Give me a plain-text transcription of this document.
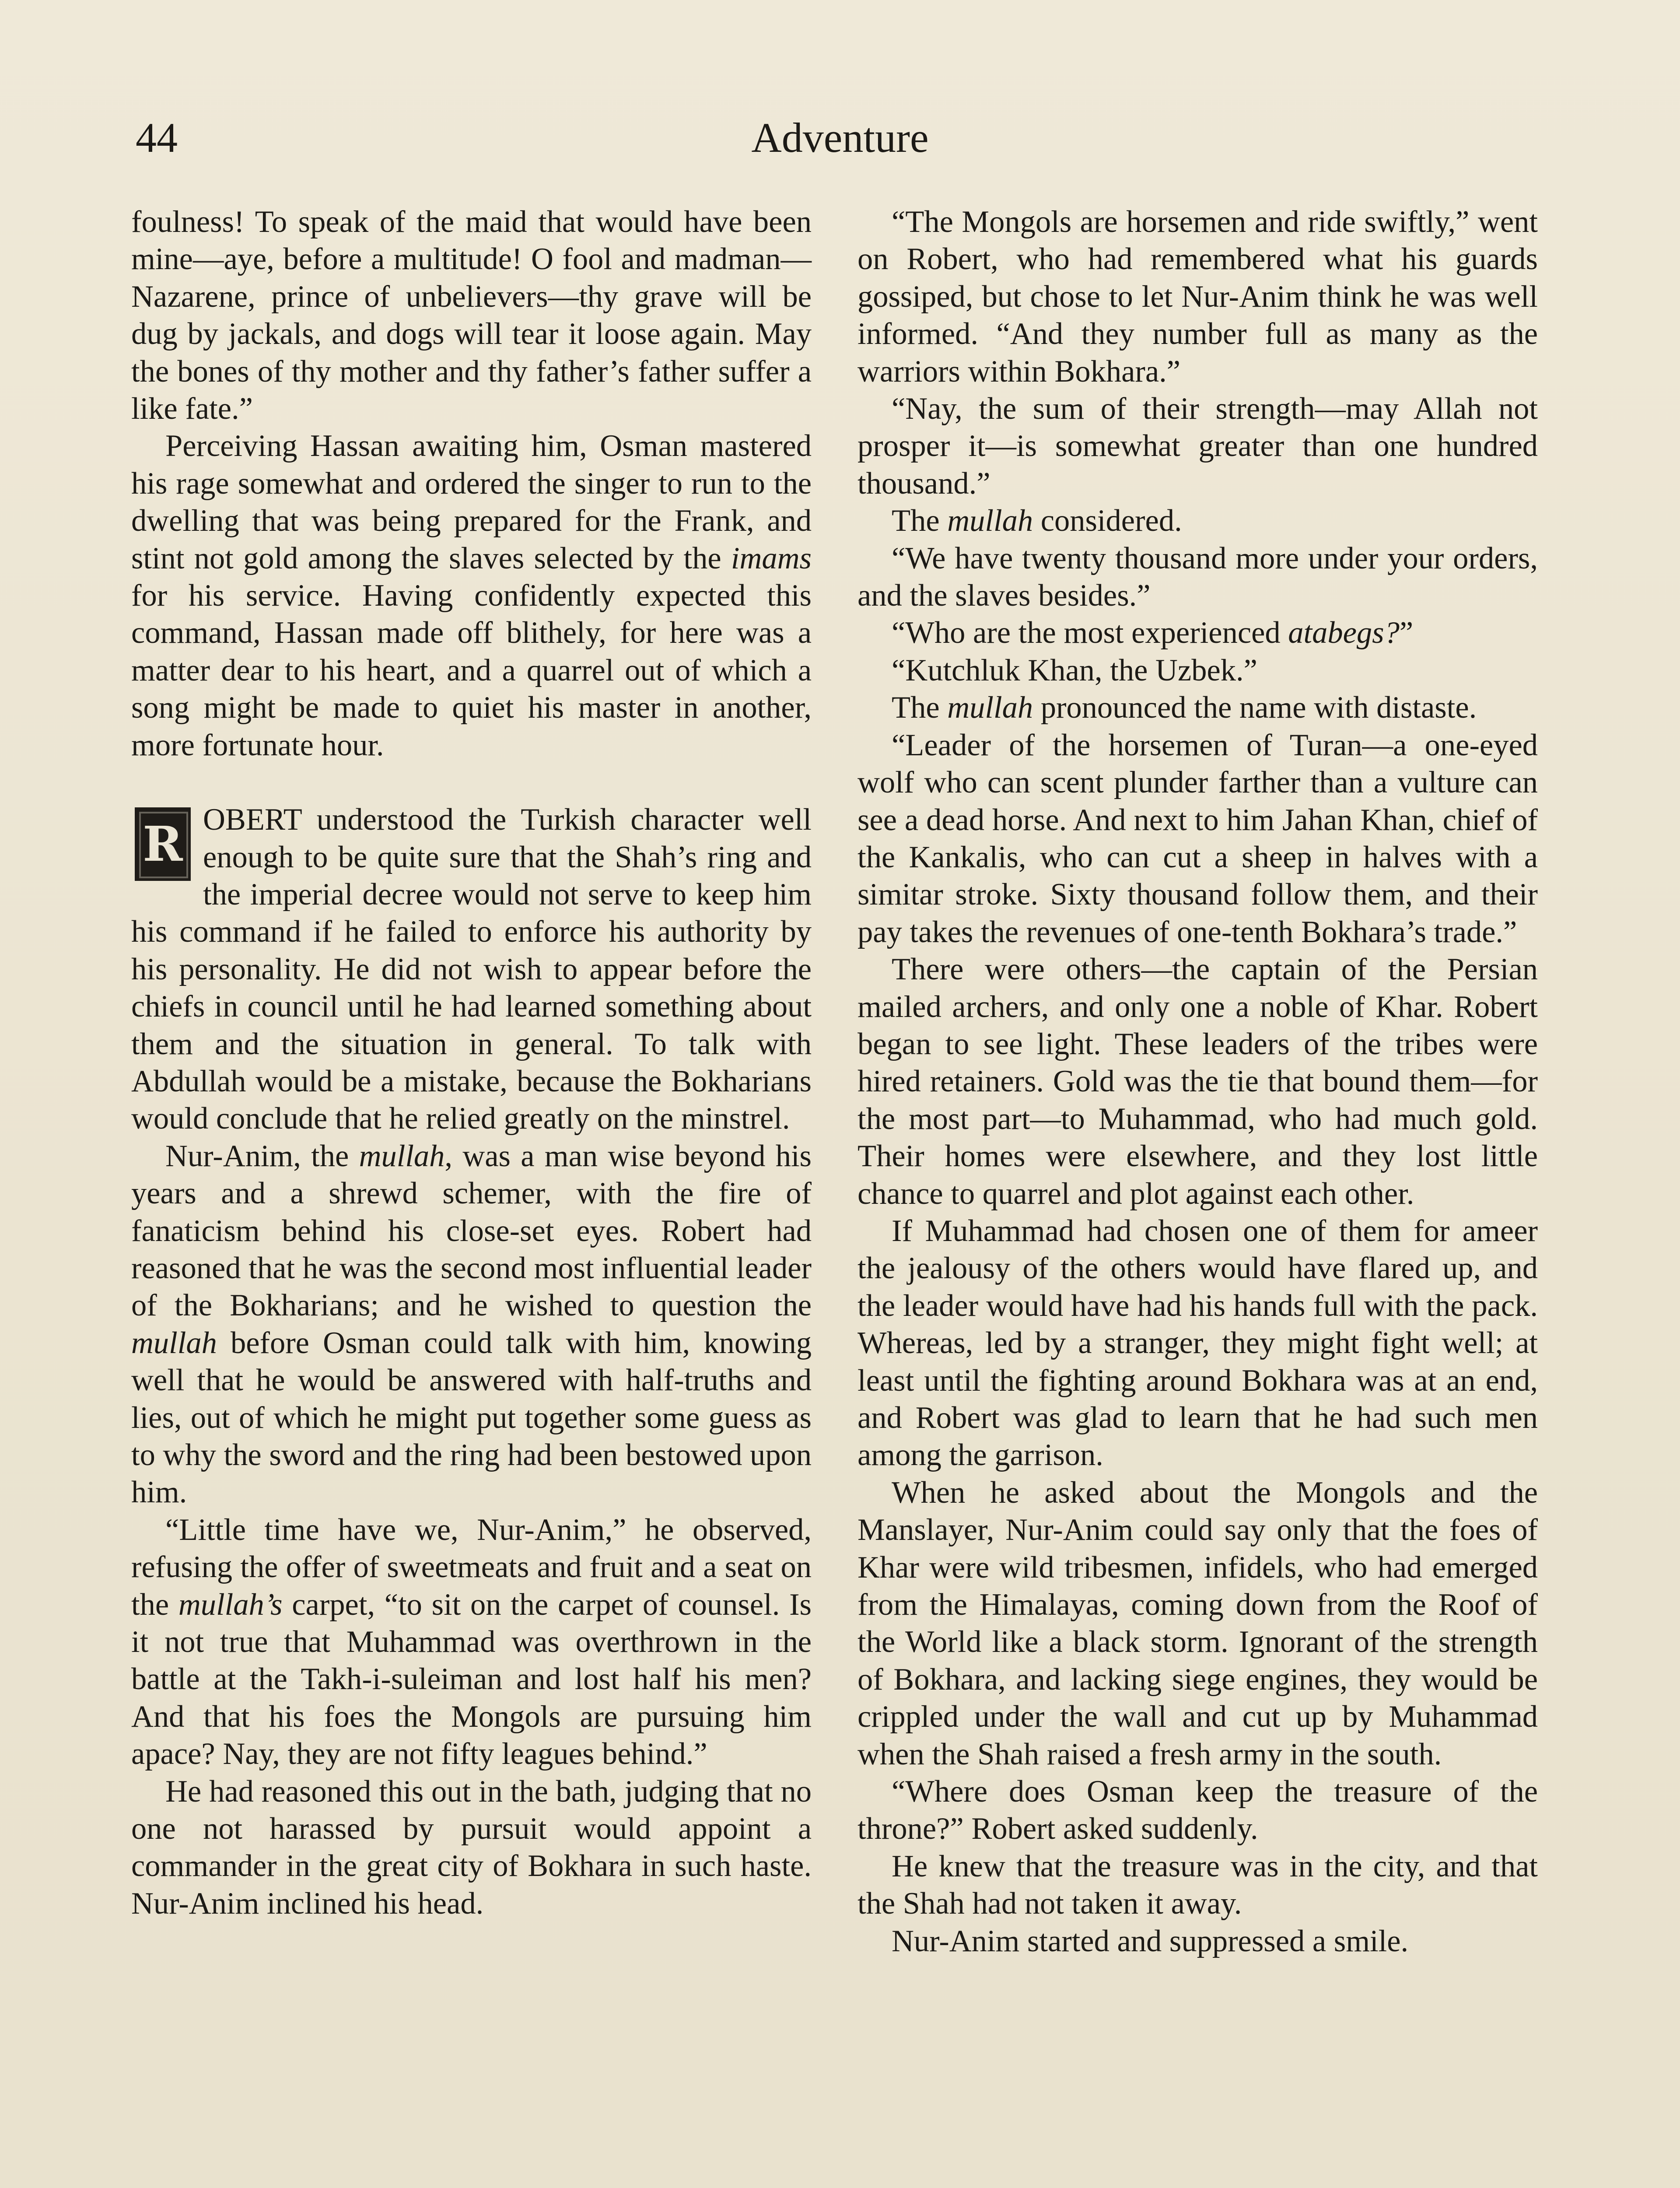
44	Adventure

foulness! To speak of the maid that would have been mine—aye, before a multitude! O fool and madman—Nazarene, prince of unbelievers—thy grave will be dug by jackals, and dogs will tear it loose again. May the bones of thy mother and thy father’s father suffer a like fate.”

Perceiving Hassan awaiting him, Osman mastered his rage somewhat and ordered the singer to run to the dwelling that was being prepared for the Frank, and stint not gold among the slaves selected by the imams for his service. Having confidently expected this command, Hassan made off blithely, for here was a matter dear to his heart, and a quarrel out of which a song might be made to quiet his master in another, more fortunate hour.

R OBERT understood the Turkish character well enough to be quite sure that the Shah’s ring and the imperial decree would not serve to keep him his command if he failed to enforce his authority by his personality. He did not wish to appear before the chiefs in council until he had learned something about them and the situation in general. To talk with Abdullah would be a mistake, because the Bokharians would conclude that he relied greatly on the minstrel.

Nur-Anim, the mullah, was a man wise beyond his years and a shrewd schemer, with the fire of fanaticism behind his close-set eyes. Robert had reasoned that he was the second most influential leader of the Bokharians; and he wished to question the mullah before Osman could talk with him, knowing well that he would be answered with half-truths and lies, out of which he might put together some guess as to why the sword and the ring had been bestowed upon him.

“Little time have we, Nur-Anim,” he observed, refusing the offer of sweetmeats and fruit and a seat on the mullah’s carpet, “to sit on the carpet of counsel. Is it not true that Muhammad was overthrown in the battle at the Takh-i-suleiman and lost half his men? And that his foes the Mongols are pursuing him apace? Nay, they are not fifty leagues behind.”

He had reasoned this out in the bath, judging that no one not harassed by pursuit would appoint a commander in the great city of Bokhara in such haste. Nur-Anim inclined his head.

“The Mongols are horsemen and ride swiftly,” went on Robert, who had remembered what his guards gossiped, but chose to let Nur-Anim think he was well informed. “And they number full as many as the warriors within Bokhara.”

“Nay, the sum of their strength—may Allah not prosper it—is somewhat greater than one hundred thousand.”

The mullah considered.

“We have twenty thousand more under your orders, and the slaves besides.”

“Who are the most experienced atabegs?”

“Kutchluk Khan, the Uzbek.”

The mullah pronounced the name with distaste.

“Leader of the horsemen of Turan—a one-eyed wolf who can scent plunder farther than a vulture can see a dead horse. And next to him Jahan Khan, chief of the Kankalis, who can cut a sheep in halves with a simitar stroke. Sixty thousand follow them, and their pay takes the revenues of one-tenth Bokhara’s trade.”

There were others—the captain of the Persian mailed archers, and only one a noble of Khar. Robert began to see light. These leaders of the tribes were hired retainers. Gold was the tie that bound them—for the most part—to Muhammad, who had much gold. Their homes were elsewhere, and they lost little chance to quarrel and plot against each other.

If Muhammad had chosen one of them for ameer the jealousy of the others would have flared up, and the leader would have had his hands full with the pack. Whereas, led by a stranger, they might fight well; at least until the fighting around Bokhara was at an end, and Robert was glad to learn that he had such men among the garrison.

When he asked about the Mongols and the Manslayer, Nur-Anim could say only that the foes of Khar were wild tribesmen, infidels, who had emerged from the Himalayas, coming down from the Roof of the World like a black storm. Ignorant of the strength of Bokhara, and lacking siege engines, they would be crippled under the wall and cut up by Muhammad when the Shah raised a fresh army in the south.

“Where does Osman keep the treasure of the throne?” Robert asked suddenly.

He knew that the treasure was in the city, and that the Shah had not taken it away.

Nur-Anim started and suppressed a smile.
